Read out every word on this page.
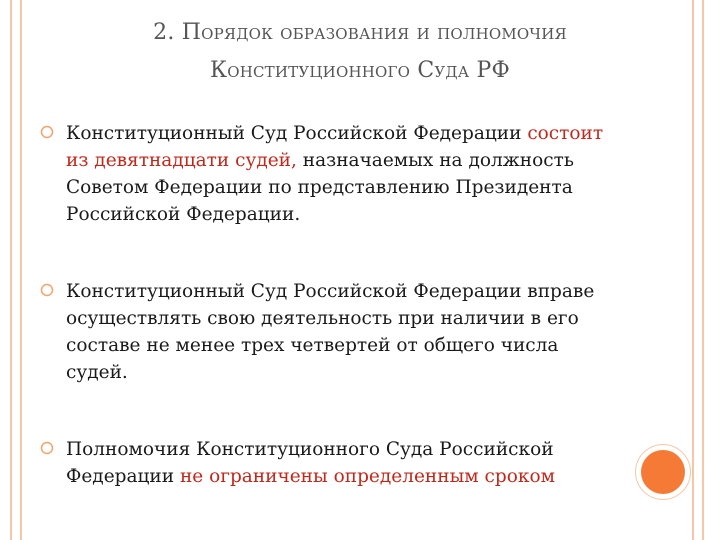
2. Порядок образования и полномочия
Конституционного Суда РФ
Конституционный Суд Российской Федерации состоит из девятнадцати судей, назначаемых на должность Советом Федерации по представлению Президента Российской Федерации.
Конституционный Суд Российской Федерации вправе осуществлять свою деятельность при наличии в его составе не менее трех четвертей от общего числа судей.
Полномочия Конституционного Суда Российской Федерации не ограничены определенным сроком
